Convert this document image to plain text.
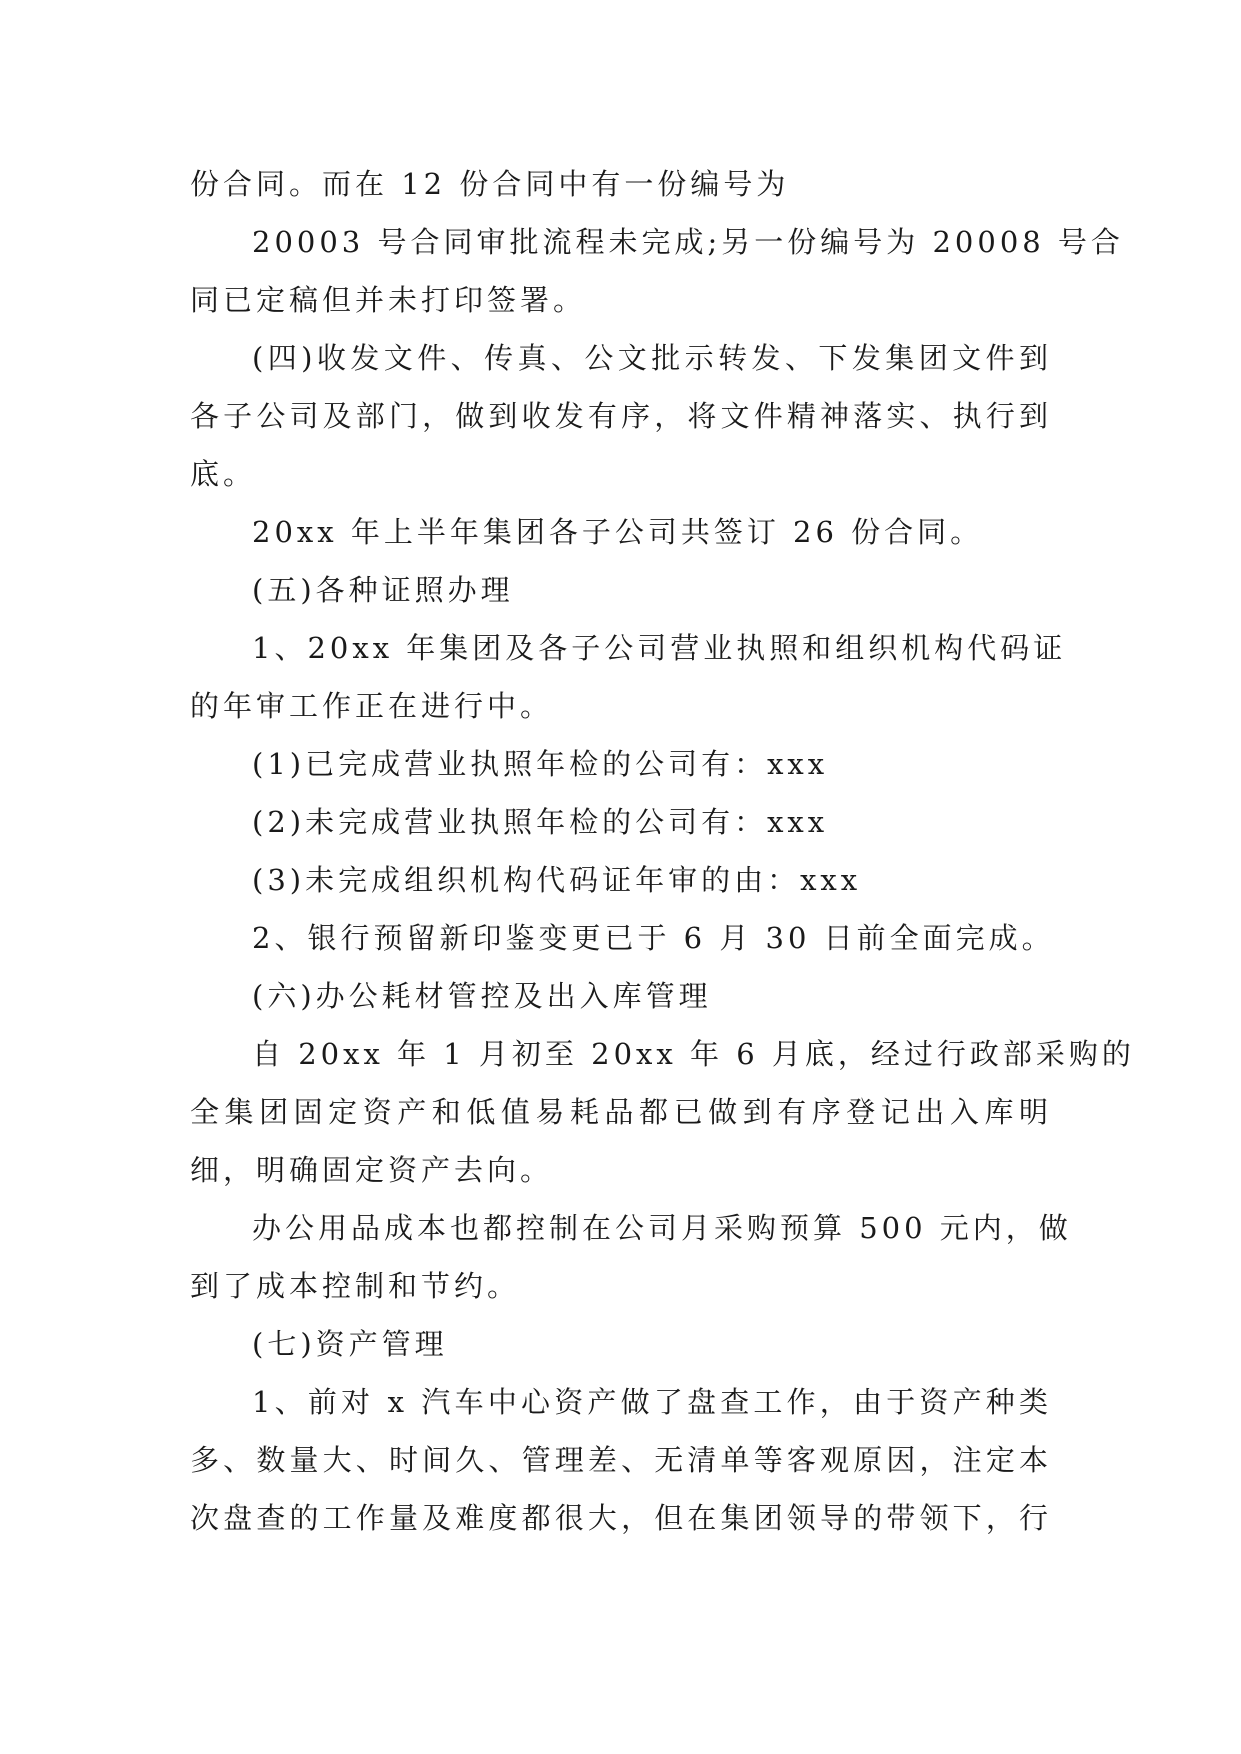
份合同。而在 12 份合同中有一份编号为
20003 号合同审批流程未完成;另一份编号为 20008 号合
同已定稿但并未打印签署。
(四)收发文件、传真、公文批示转发、下发集团文件到
各子公司及部门，做到收发有序，将文件精神落实、执行到
底。
20xx 年上半年集团各子公司共签订 26 份合同。
(五)各种证照办理
1、20xx 年集团及各子公司营业执照和组织机构代码证
的年审工作正在进行中。
(1)已完成营业执照年检的公司有：xxx
(2)未完成营业执照年检的公司有：xxx
(3)未完成组织机构代码证年审的由：xxx
2、银行预留新印鉴变更已于 6 月 30 日前全面完成。
(六)办公耗材管控及出入库管理
自 20xx 年 1 月初至 20xx 年 6 月底，经过行政部采购的
全集团固定资产和低值易耗品都已做到有序登记出入库明
细，明确固定资产去向。
办公用品成本也都控制在公司月采购预算 500 元内，做
到了成本控制和节约。
(七)资产管理
1、前对 x 汽车中心资产做了盘查工作，由于资产种类
多、数量大、时间久、管理差、无清单等客观原因，注定本
次盘查的工作量及难度都很大，但在集团领导的带领下，行
